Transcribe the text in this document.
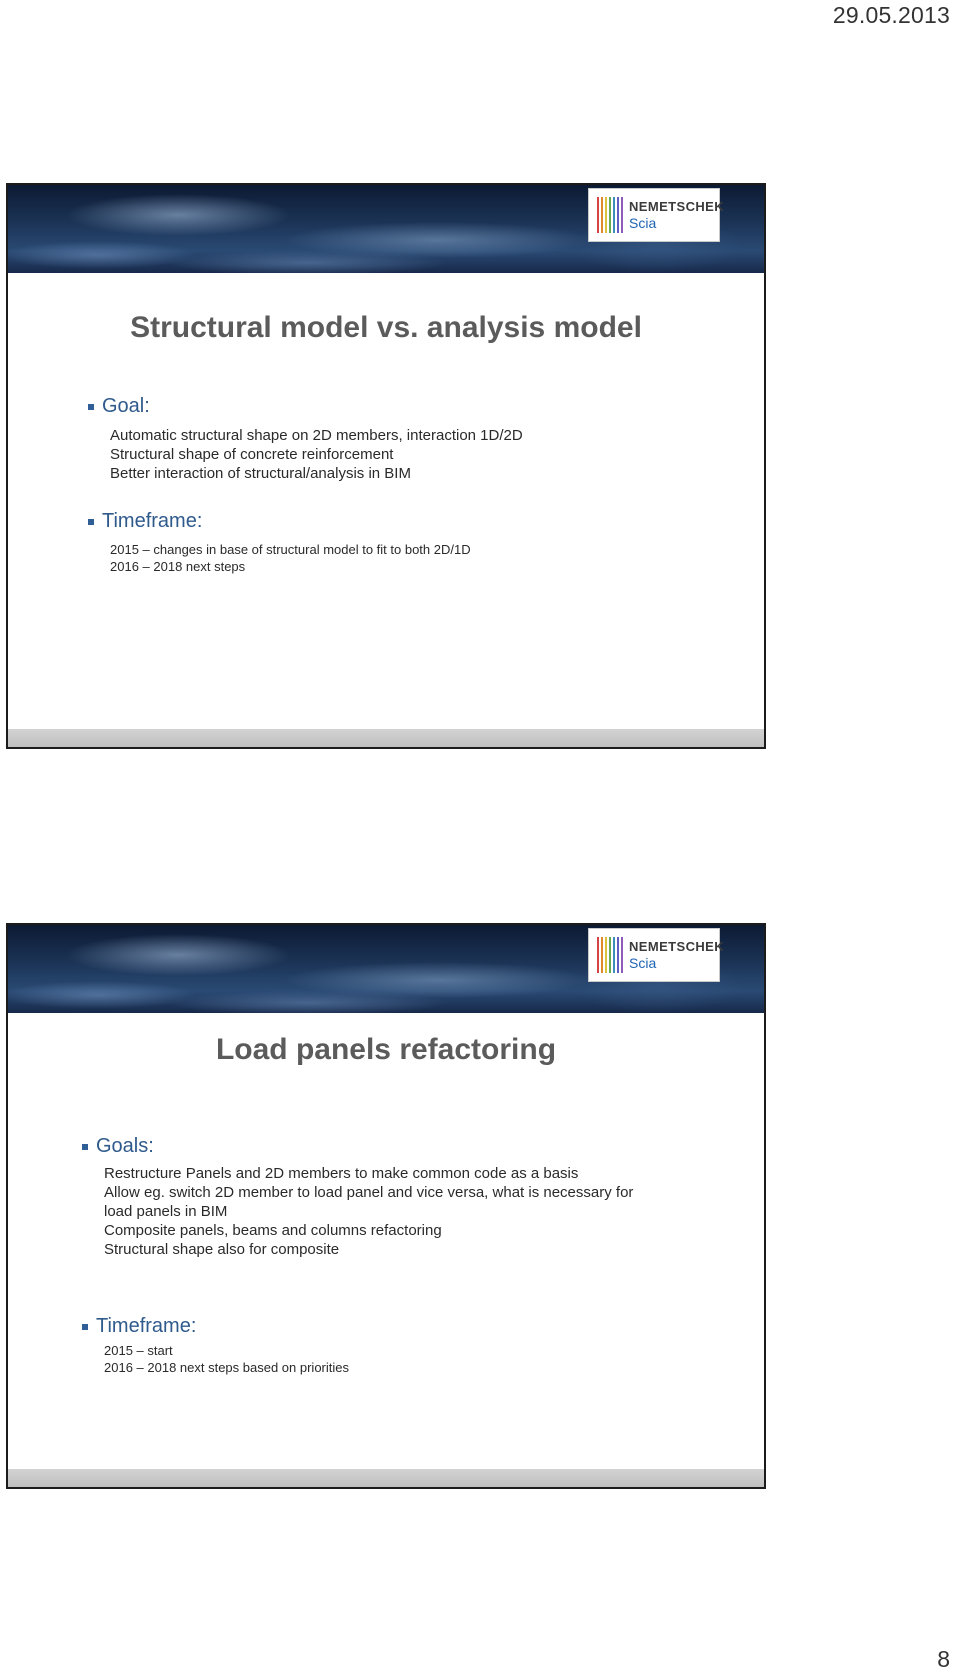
29.05.2013
NEMETSCHEK
Scia
Structural model vs. analysis model
Goal:
Automatic structural shape on 2D members, interaction 1D/2D
Structural shape of concrete reinforcement
Better interaction of structural/analysis in BIM
Timeframe:
2015 – changes in base of structural model to fit to both 2D/1D
2016 – 2018 next steps
NEMETSCHEK
Scia
Load panels refactoring
Goals:
Restructure Panels and 2D members to make common code as a basis
Allow eg. switch 2D member to load panel and vice versa, what is necessary for
load panels in BIM
Composite panels, beams and columns refactoring
Structural shape also for composite
Timeframe:
2015 – start
2016 – 2018 next steps based on priorities
8
